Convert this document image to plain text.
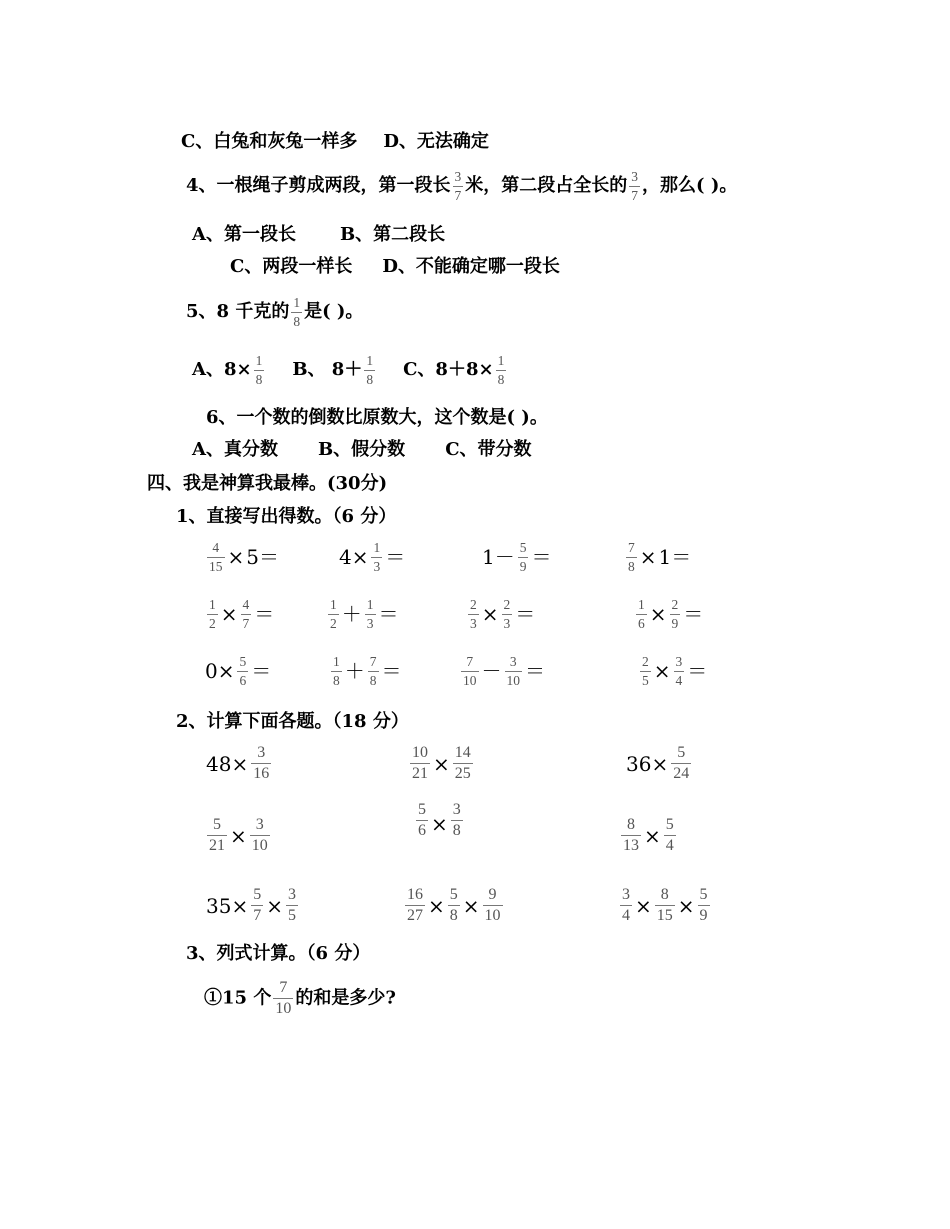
C、白兔和灰兔一样多 D、无法确定
4、一根绳子剪成两段，第一段长 $\frac{3}{7}$ 米，第二段占全长的 $\frac{3}{7}$ ，那么( )。
A、第一段长 B、第二段长
C、两段一样长 D、不能确定哪一段长
5、8 千克的 $\frac{1}{8}$ 是( )。
A、$8\times \frac{1}{8}$ B、 $8+ \frac{1}{8}$ C、$8+8\times \frac{1}{8}$
6、一个数的倒数比原数大，这个数是( )。
A、真分数 B、假分数 C、带分数
四、我是神算我最棒。(30分)
1、直接写出得数。（6 分）
$\frac{4}{15} \times 5=$	$4\times \frac{1}{3}$ ＝	$1- \frac{5}{9}$ ＝	$\frac{7}{8} \times 1=$
$\frac{1}{2} \times \frac{4}{7}$ ＝	$\frac{1}{2} + \frac{1}{3}$ ＝	$\frac{2}{3} \times \frac{2}{3}$ ＝	$\frac{1}{6} \times \frac{2}{9}$ ＝
$0\times \frac{5}{6}$ ＝	$\frac{1}{8} + \frac{7}{8}$ ＝	$\frac{7}{10} - \frac{3}{10}$ ＝	$\frac{2}{5} \times \frac{3}{4}$ ＝
2、计算下面各题。（18 分）
$48\times \frac{3}{16}$	$\frac{10}{21} \times \frac{14}{25}$	$36\times \frac{5}{24}$
$\frac{5}{21} \times \frac{3}{10}$	$\frac{5}{6} \times \frac{3}{8}$	$\frac{8}{13} \times \frac{5}{4}$
$35\times \frac{5}{7} \times \frac{3}{5}$	$\frac{16}{27} \times \frac{5}{8} \times \frac{9}{10}$	$\frac{3}{4} \times \frac{8}{15} \times \frac{5}{9}$
3、列式计算。（6 分）
①15 个 $\frac{7}{10}$ 的和是多少?
